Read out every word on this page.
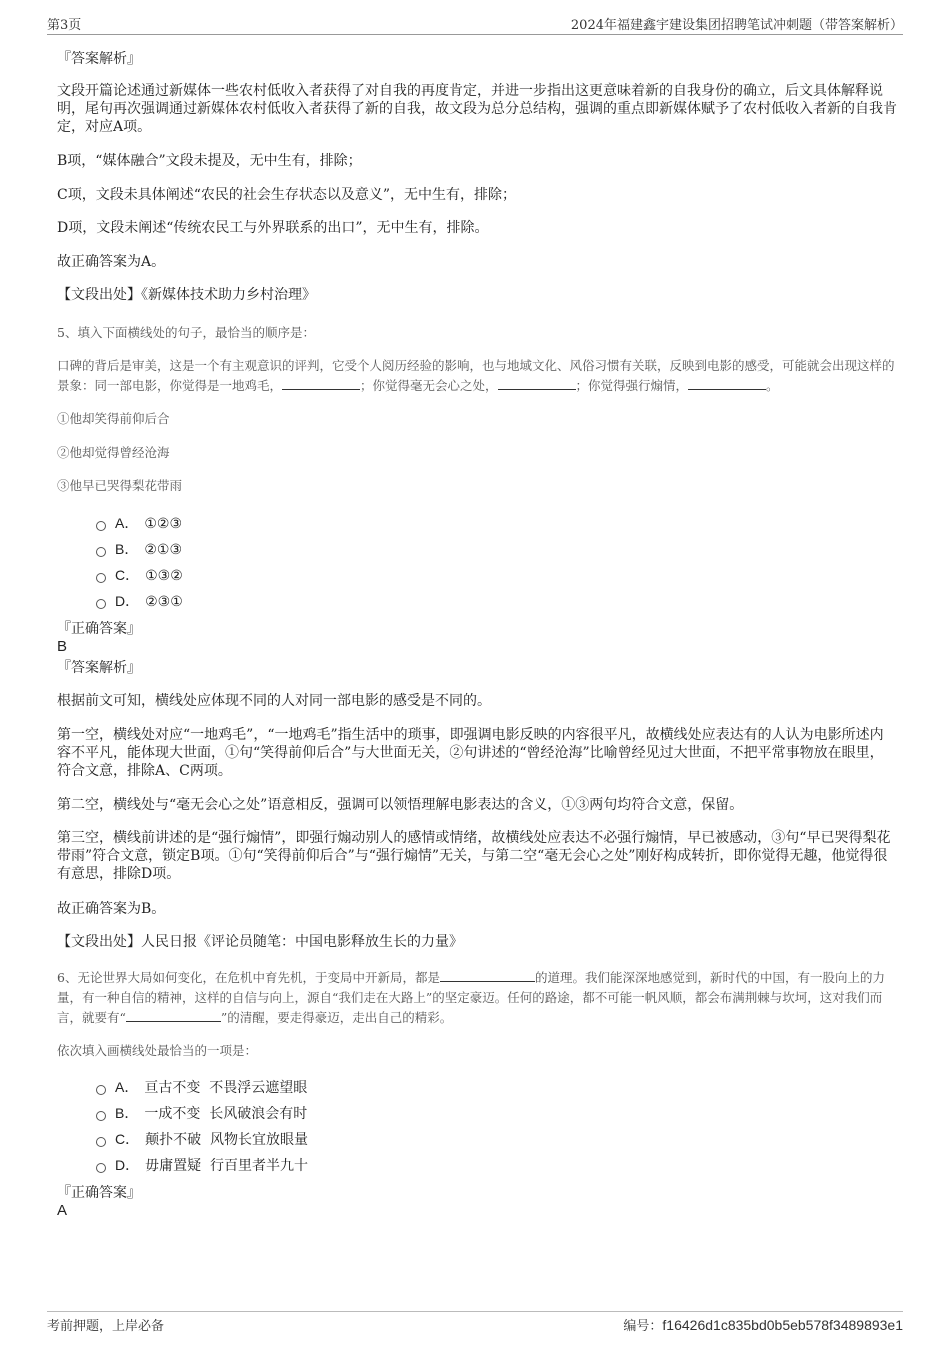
第3页	2024年福建鑫宇建设集团招聘笔试冲刺题（带答案解析）
『答案解析』

文段开篇论述通过新媒体一些农村低收入者获得了对自我的再度肯定，并进一步指出这更意味着新的自我身份的确立，后文具体解释说明，尾句再次强调通过新媒体农村低收入者获得了新的自我，故文段为总分总结构，强调的重点即新媒体赋予了农村低收入者新的自我肯定，对应A项。

B项，“媒体融合”文段未提及，无中生有，排除；

C项，文段未具体阐述“农民的社会生存状态以及意义”，无中生有，排除；

D项，文段未阐述“传统农民工与外界联系的出口”，无中生有，排除。

故正确答案为A。

【文段出处】《新媒体技术助力乡村治理》

5、填入下面横线处的句子，最恰当的顺序是：

口碑的背后是审美，这是一个有主观意识的评判，它受个人阅历经验的影响，也与地域文化、风俗习惯有关联，反映到电影的感受，可能就会出现这样的景象：同一部电影，你觉得是一地鸡毛，	；你觉得毫无会心之处，	；你觉得强行煽情，	。

①他却笑得前仰后合

②他却觉得曾经沧海

③他早已哭得梨花带雨

A． ①②③
B． ②①③
C． ①③②
D． ②③①
『正确答案』
B
『答案解析』

根据前文可知，横线处应体现不同的人对同一部电影的感受是不同的。

第一空，横线处对应“一地鸡毛”，“一地鸡毛”指生活中的琐事，即强调电影反映的内容很平凡，故横线处应表达有的人认为电影所述内容不平凡，能体现大世面，①句“笑得前仰后合”与大世面无关，②句讲述的“曾经沧海”比喻曾经见过大世面，不把平常事物放在眼里，符合文意，排除A、C两项。

第二空，横线处与“毫无会心之处”语意相反，强调可以领悟理解电影表达的含义，①③两句均符合文意，保留。

第三空，横线前讲述的是“强行煽情”，即强行煽动别人的感情或情绪，故横线处应表达不必强行煽情，早已被感动，③句“早已哭得梨花带雨”符合文意，锁定B项。①句“笑得前仰后合”与“强行煽情”无关，与第二空“毫无会心之处”刚好构成转折，即你觉得无趣，他觉得很有意思，排除D项。

故正确答案为B。

【文段出处】人民日报《评论员随笔：中国电影释放生长的力量》

6、无论世界大局如何变化，在危机中育先机，于变局中开新局，都是	的道理。我们能深深地感觉到，新时代的中国，有一股向上的力量，有一种自信的精神，这样的自信与向上，源自“我们走在大路上”的坚定豪迈。任何的路途，都不可能一帆风顺，都会布满荆棘与坎坷，这对我们而言，就要有“	”的清醒，要走得豪迈，走出自己的精彩。

依次填入画横线处最恰当的一项是：

A． 亘古不变  不畏浮云遮望眼
B． 一成不变  长风破浪会有时
C． 颠扑不破  风物长宜放眼量
D． 毋庸置疑  行百里者半九十
『正确答案』
A
考前押题，上岸必备	编号：f16426d1c835bd0b5eb578f3489893e1
